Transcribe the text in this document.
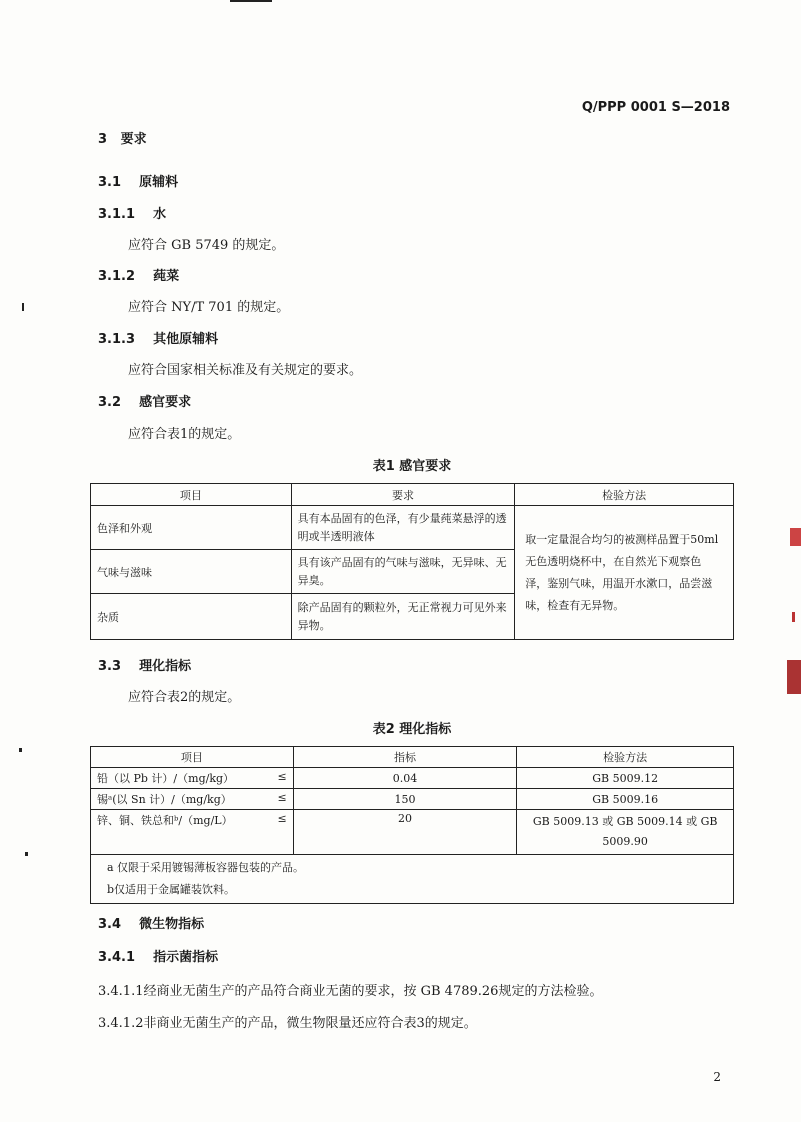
Q/PPP 0001 S—2018
3 要求
3.1 原辅料
3.1.1 水
应符合 GB 5749 的规定。
3.1.2 莼菜
应符合 NY/T 701 的规定。
3.1.3 其他原辅料
应符合国家相关标准及有关规定的要求。
3.2 感官要求
应符合表1的规定。
表1 感官要求
项目	要求	检验方法
色泽和外观	具有本品固有的色泽，有少量莼菜悬浮的透明或半透明液体	取一定量混合均匀的被测样品置于50ml无色透明烧杯中，在自然光下观察色泽，鉴别气味，用温开水漱口，品尝滋味，检查有无异物。
气味与滋味	具有该产品固有的气味与滋味，无异味、无异臭。	
杂质	除产品固有的颗粒外，无正常视力可见外来异物。	
3.3 理化指标
应符合表2的规定。
表2 理化指标
项目	指标	检验方法
铅（以 Pb 计）/（mg/kg） ≤	0.04	GB 5009.12
锡ᵃ(以 Sn 计）/（mg/kg） ≤	150	GB 5009.16
锌、铜、铁总和ᵇ/（mg/L） ≤	20	GB 5009.13 或 GB 5009.14 或 GB 5009.90

a 仅限于采用镀锡薄板容器包装的产品。
b仅适用于金属罐装饮料。		
3.4 微生物指标
3.4.1 指示菌指标
3.4.1.1经商业无菌生产的产品符合商业无菌的要求，按 GB 4789.26规定的方法检验。
3.4.1.2非商业无菌生产的产品，微生物限量还应符合表3的规定。
2
